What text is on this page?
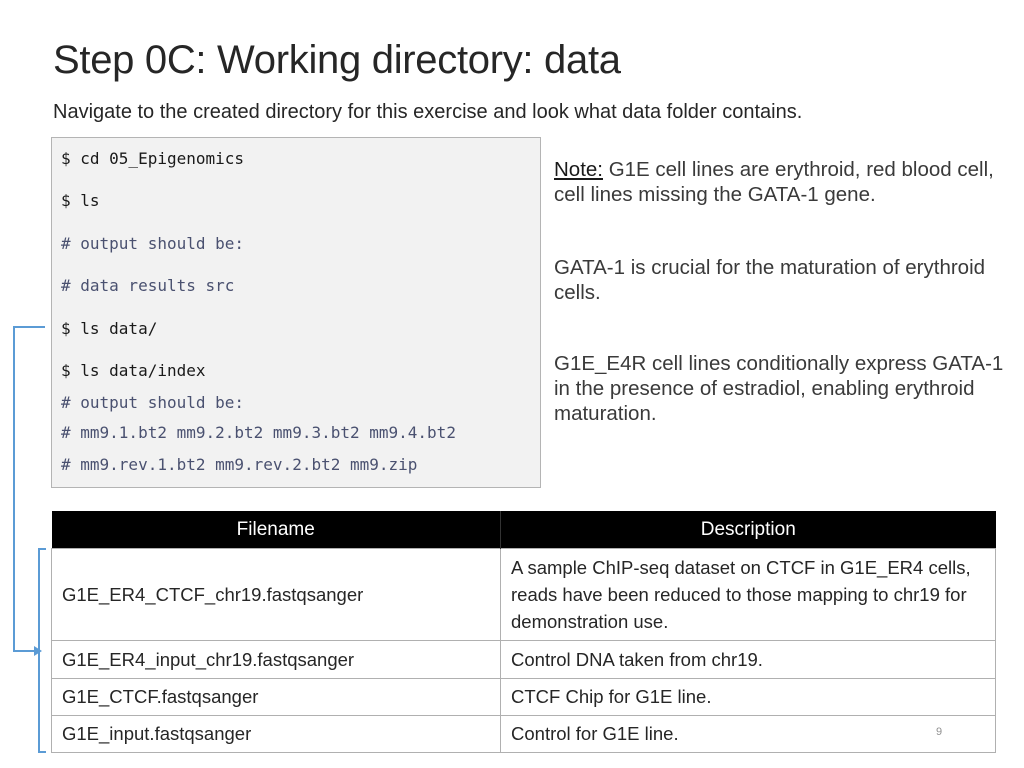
Step 0C: Working directory: data
Navigate to the created directory for this exercise and look what data folder contains.
$ cd 05_Epigenomics
$ ls
# output should be:
# data results src
$ ls data/
$ ls data/index
# output should be:
# mm9.1.bt2 mm9.2.bt2 mm9.3.bt2 mm9.4.bt2
# mm9.rev.1.bt2 mm9.rev.2.bt2 mm9.zip
Note: G1E cell lines are erythroid, red blood cell, cell lines missing the GATA-1 gene.
GATA-1 is crucial for the maturation of erythroid cells.
G1E_E4R cell lines conditionally express GATA-1 in the presence of estradiol, enabling erythroid maturation.
Filename	Description
G1E_ER4_CTCF_chr19.fastqsanger	A sample ChIP-seq dataset on CTCF in G1E_ER4 cells, reads have been reduced to those mapping to chr19 for demonstration use.

G1E_ER4_input_chr19.fastqsanger	Control DNA taken from chr19.
G1E_CTCF.fastqsanger	CTCF Chip for G1E line.
G1E_input.fastqsanger	Control for G1E line.	9
